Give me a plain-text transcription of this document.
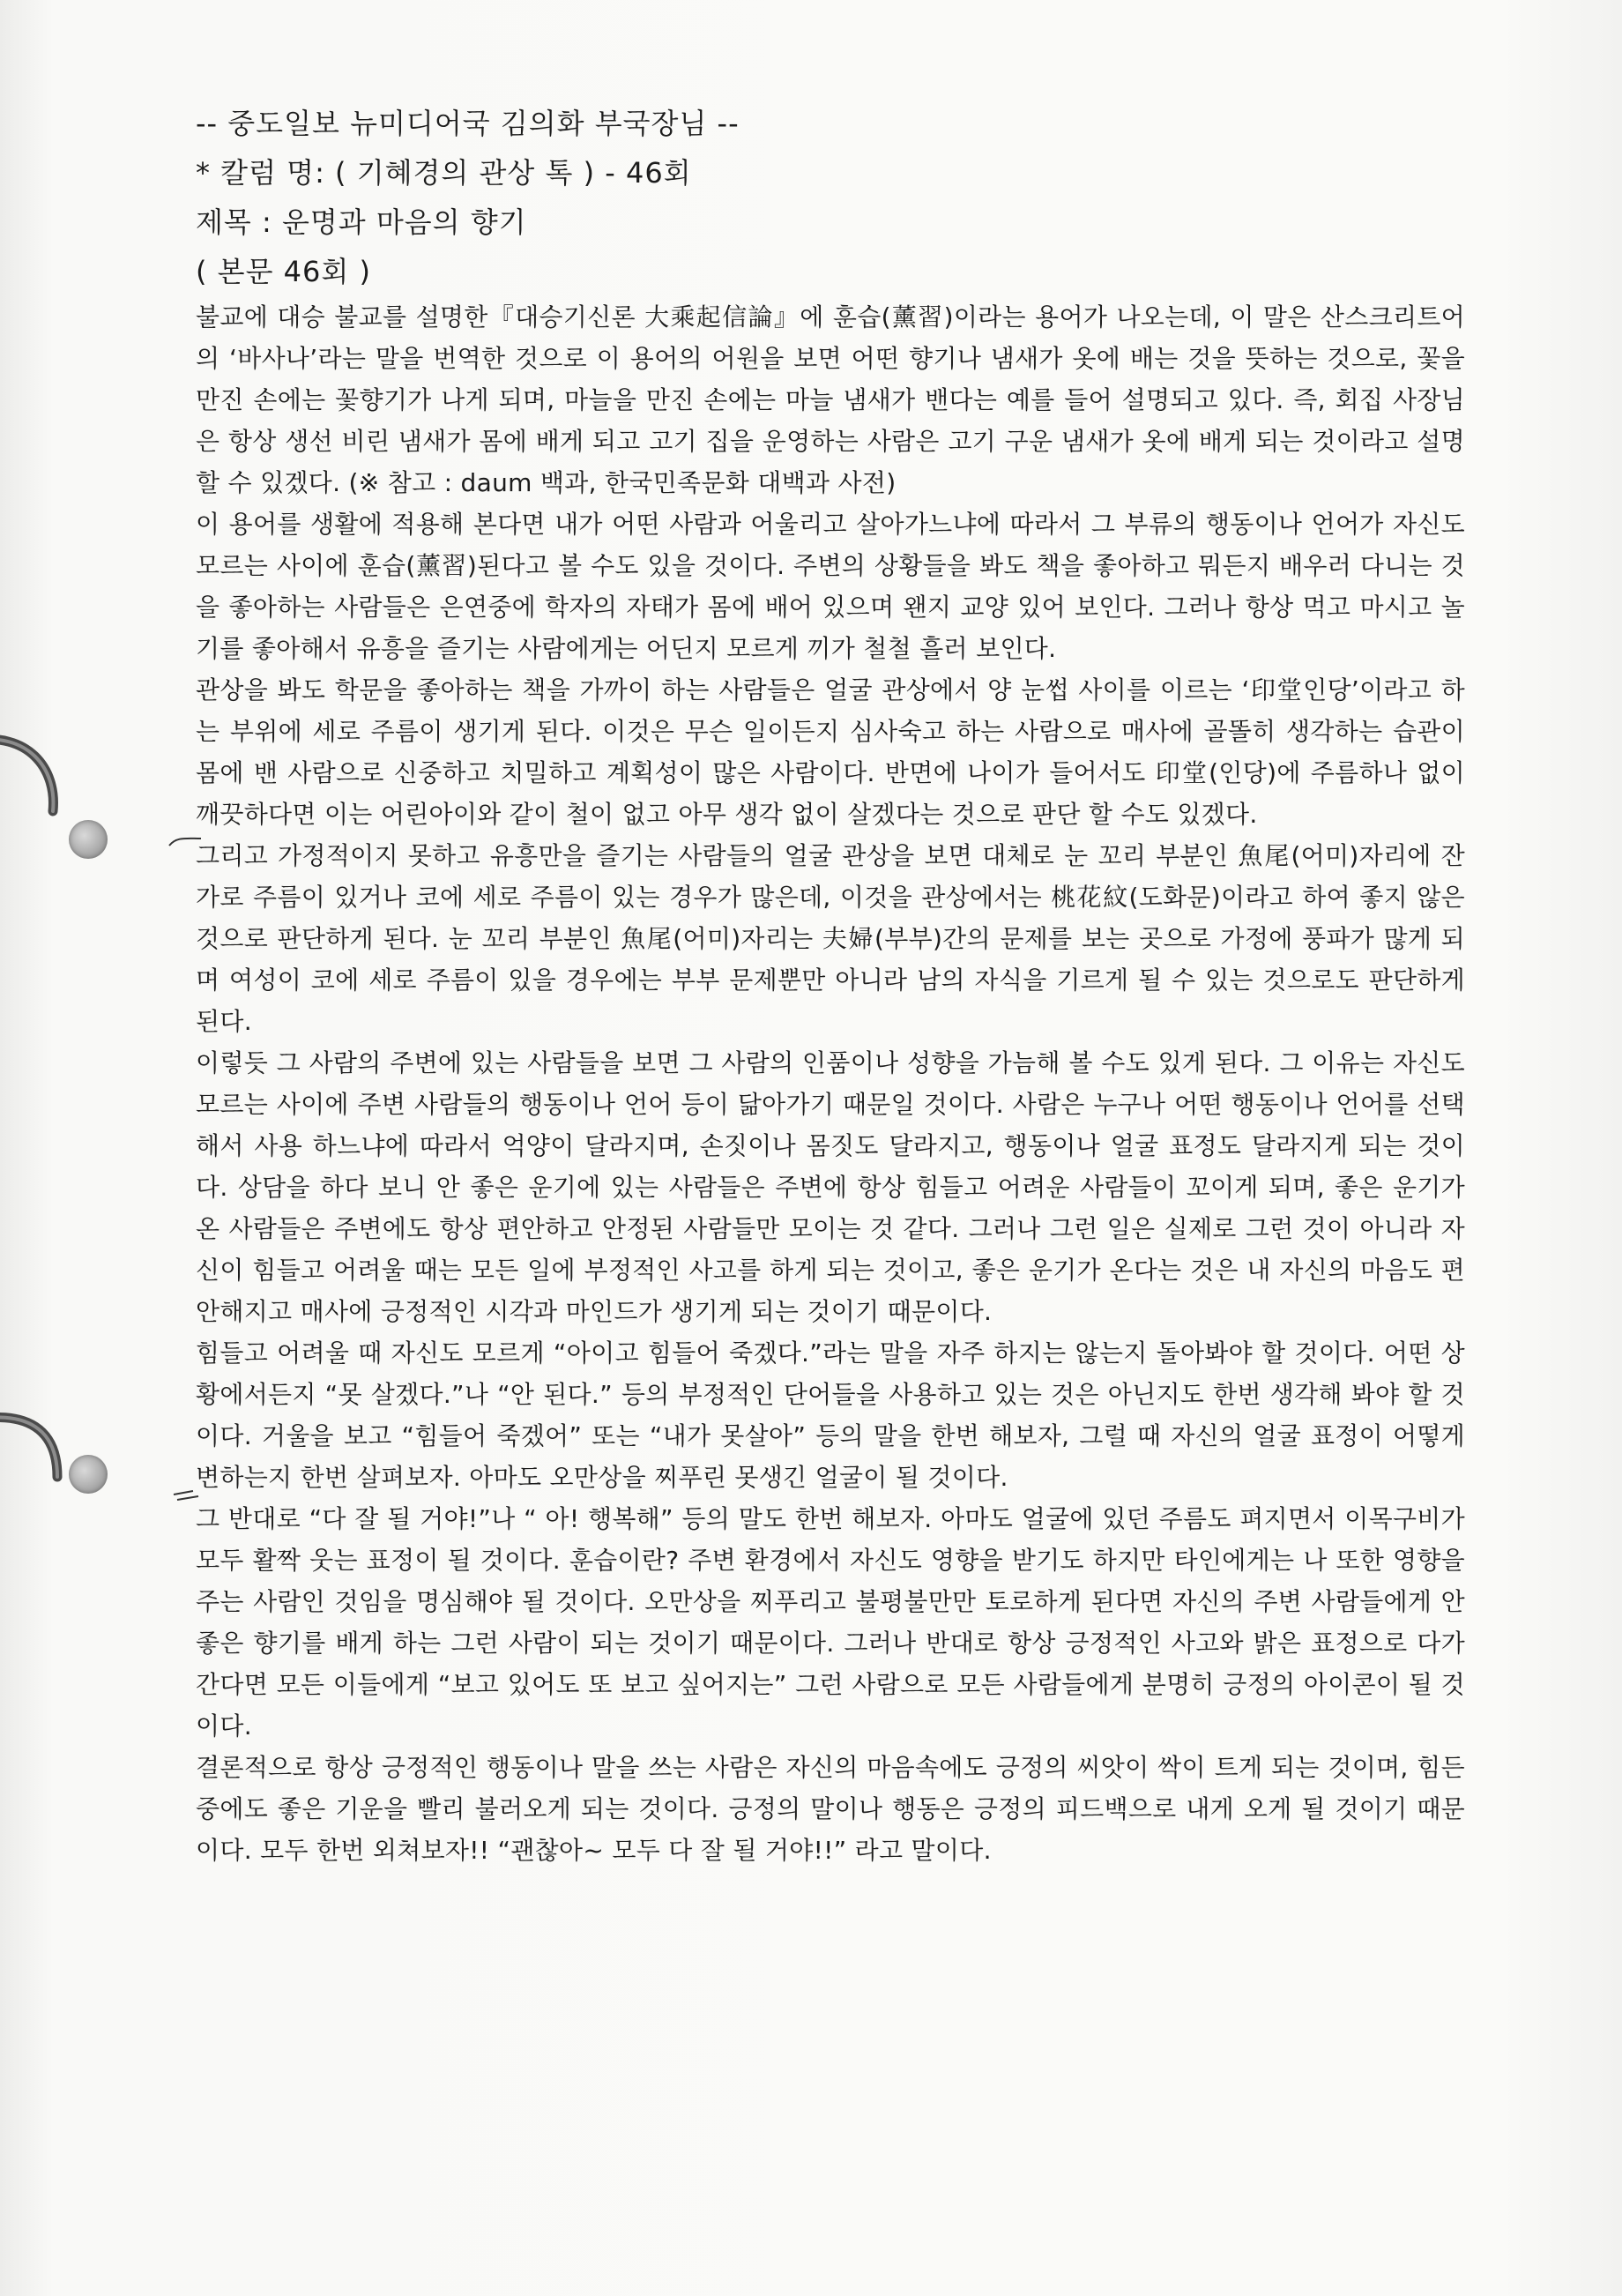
-- 중도일보 뉴미디어국 김의화 부국장님 --
* 칼럼 명: ( 기혜경의 관상 톡 ) - 46회
제목 : 운명과 마음의 향기
( 본문 46회 )

불교에 대승 불교를 설명한『대승기신론 大乘起信論』에 훈습(薰習)이라는 용어가 나오는데, 이 말은 산스크리트어의 ‘바사나’라는 말을 번역한 것으로 이 용어의 어원을 보면 어떤 향기나 냄새가 옷에 배는 것을 뜻하는 것으로, 꽃을 만진 손에는 꽃향기가 나게 되며, 마늘을 만진 손에는 마늘 냄새가 밴다는 예를 들어 설명되고 있다. 즉, 회집 사장님은 항상 생선 비린 냄새가 몸에 배게 되고 고기 집을 운영하는 사람은 고기 구운 냄새가 옷에 배게 되는 것이라고 설명 할 수 있겠다. (※ 참고 : daum 백과, 한국민족문화 대백과 사전)

이 용어를 생활에 적용해 본다면 내가 어떤 사람과 어울리고 살아가느냐에 따라서 그 부류의 행동이나 언어가 자신도 모르는 사이에 훈습(薰習)된다고 볼 수도 있을 것이다. 주변의 상황들을 봐도 책을 좋아하고 뭐든지 배우러 다니는 것을 좋아하는 사람들은 은연중에 학자의 자태가 몸에 배어 있으며 왠지 교양 있어 보인다. 그러나 항상 먹고 마시고 놀기를 좋아해서 유흥을 즐기는 사람에게는 어딘지 모르게 끼가 철철 흘러 보인다.

관상을 봐도 학문을 좋아하는 책을 가까이 하는 사람들은 얼굴 관상에서 양 눈썹 사이를 이르는 ‘印堂인당’이라고 하는 부위에 세로 주름이 생기게 된다. 이것은 무슨 일이든지 심사숙고 하는 사람으로 매사에 골똘히 생각하는 습관이 몸에 밴 사람으로 신중하고 치밀하고 계획성이 많은 사람이다. 반면에 나이가 들어서도 印堂(인당)에 주름하나 없이 깨끗하다면 이는 어린아이와 같이 철이 없고 아무 생각 없이 살겠다는 것으로 판단 할 수도 있겠다.

그리고 가정적이지 못하고 유흥만을 즐기는 사람들의 얼굴 관상을 보면 대체로 눈 꼬리 부분인 魚尾(어미)자리에 잔 가로 주름이 있거나 코에 세로 주름이 있는 경우가 많은데, 이것을 관상에서는 桃花紋(도화문)이라고 하여 좋지 않은 것으로 판단하게 된다. 눈 꼬리 부분인 魚尾(어미)자리는 夫婦(부부)간의 문제를 보는 곳으로 가정에 풍파가 많게 되며 여성이 코에 세로 주름이 있을 경우에는 부부 문제뿐만 아니라 남의 자식을 기르게 될 수 있는 것으로도 판단하게 된다.

이렇듯 그 사람의 주변에 있는 사람들을 보면 그 사람의 인품이나 성향을 가늠해 볼 수도 있게 된다. 그 이유는 자신도 모르는 사이에 주변 사람들의 행동이나 언어 등이 닮아가기 때문일 것이다. 사람은 누구나 어떤 행동이나 언어를 선택해서 사용 하느냐에 따라서 억양이 달라지며, 손짓이나 몸짓도 달라지고, 행동이나 얼굴 표정도 달라지게 되는 것이다. 상담을 하다 보니 안 좋은 운기에 있는 사람들은 주변에 항상 힘들고 어려운 사람들이 꼬이게 되며, 좋은 운기가 온 사람들은 주변에도 항상 편안하고 안정된 사람들만 모이는 것 같다. 그러나 그런 일은 실제로 그런 것이 아니라 자신이 힘들고 어려울 때는 모든 일에 부정적인 사고를 하게 되는 것이고, 좋은 운기가 온다는 것은 내 자신의 마음도 편안해지고 매사에 긍정적인 시각과 마인드가 생기게 되는 것이기 때문이다.

힘들고 어려울 때 자신도 모르게 “아이고 힘들어 죽겠다.”라는 말을 자주 하지는 않는지 돌아봐야 할 것이다. 어떤 상황에서든지 “못 살겠다.”나 “안 된다.” 등의 부정적인 단어들을 사용하고 있는 것은 아닌지도 한번 생각해 봐야 할 것이다. 거울을 보고 “힘들어 죽겠어” 또는 “내가 못살아” 등의 말을 한번 해보자, 그럴 때 자신의 얼굴 표정이 어떻게 변하는지 한번 살펴보자. 아마도 오만상을 찌푸린 못생긴 얼굴이 될 것이다.

그 반대로 “다 잘 될 거야!”나 “ 아! 행복해” 등의 말도 한번 해보자. 아마도 얼굴에 있던 주름도 펴지면서 이목구비가 모두 활짝 웃는 표정이 될 것이다. 훈습이란? 주변 환경에서 자신도 영향을 받기도 하지만 타인에게는 나 또한 영향을 주는 사람인 것임을 명심해야 될 것이다. 오만상을 찌푸리고 불평불만만 토로하게 된다면 자신의 주변 사람들에게 안 좋은 향기를 배게 하는 그런 사람이 되는 것이기 때문이다. 그러나 반대로 항상 긍정적인 사고와 밝은 표정으로 다가간다면 모든 이들에게 “보고 있어도 또 보고 싶어지는” 그런 사람으로 모든 사람들에게 분명히 긍정의 아이콘이 될 것이다.

결론적으로 항상 긍정적인 행동이나 말을 쓰는 사람은 자신의 마음속에도 긍정의 씨앗이 싹이 트게 되는 것이며, 힘든 중에도 좋은 기운을 빨리 불러오게 되는 것이다. 긍정의 말이나 행동은 긍정의 피드백으로 내게 오게 될 것이기 때문이다. 모두 한번 외쳐보자!! “괜찮아~ 모두 다 잘 될 거야!!” 라고 말이다.
